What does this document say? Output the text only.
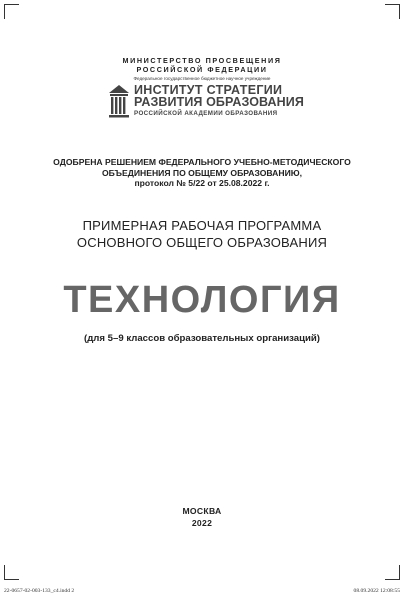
МИНИСТЕРСТВО ПРОСВЕЩЕНИЯ
РОССИЙСКОЙ ФЕДЕРАЦИИ
Федеральное государственное бюджетное научное учреждение
ИНСТИТУТ СТРАТЕГИИ
РАЗВИТИЯ ОБРАЗОВАНИЯ
РОССИЙСКОЙ АКАДЕМИИ ОБРАЗОВАНИЯ
ОДОБРЕНА РЕШЕНИЕМ ФЕДЕРАЛЬНОГО УЧЕБНО-МЕТОДИЧЕСКОГО
ОБЪЕДИНЕНИЯ ПО ОБЩЕМУ ОБРАЗОВАНИЮ,
протокол № 5/22 от 25.08.2022 г.
ПРИМЕРНАЯ РАБОЧАЯ ПРОГРАММА
ОСНОВНОГО ОБЩЕГО ОБРАЗОВАНИЯ
ТЕХНОЛОГИЯ
(для 5–9 классов образовательных организаций)
МОСКВА
2022
22-0657-02-003-133_с4.indd 2	08.09.2022 12:08:55
